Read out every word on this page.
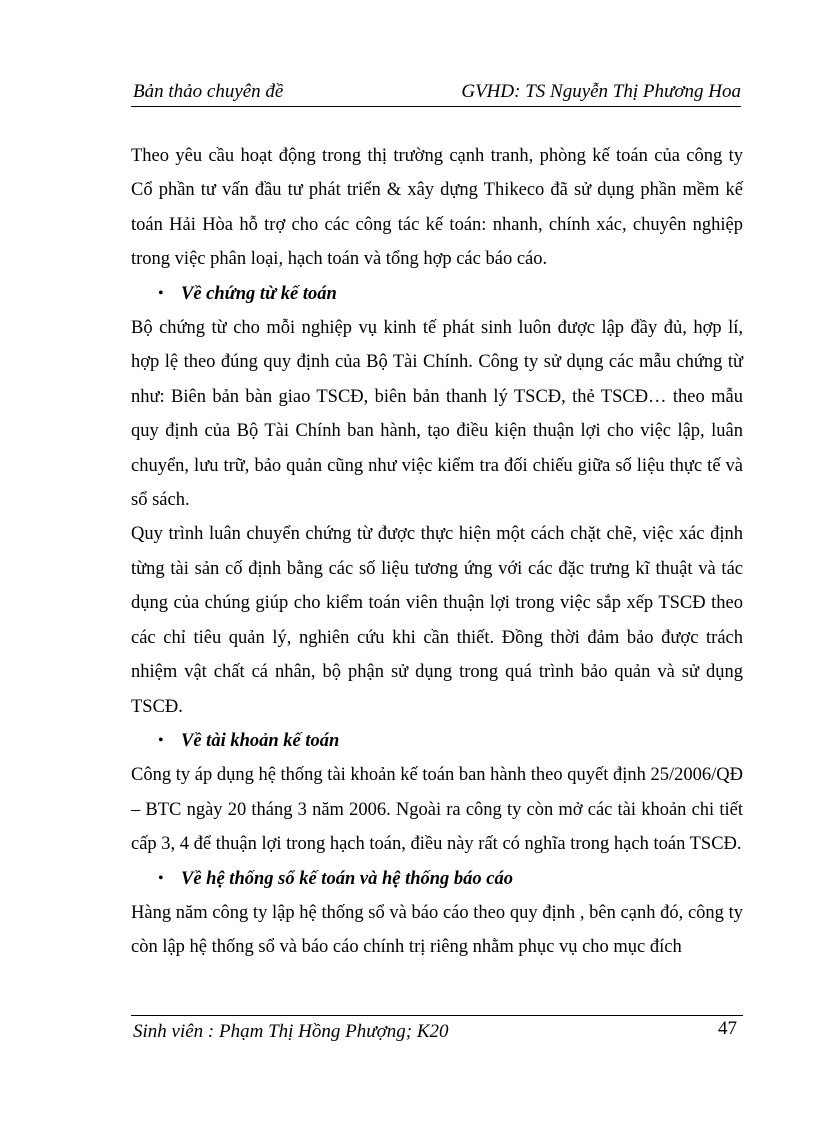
Bản thảo chuyên đề	GVHD: TS Nguyễn Thị Phương Hoa

Theo yêu cầu hoạt động trong thị trường cạnh tranh, phòng kế toán của công ty Cổ phần tư vấn đầu tư phát triển & xây dựng Thikeco đã sử dụng phần mềm kế toán Hải Hòa hỗ trợ cho các công tác kế toán: nhanh, chính xác, chuyên nghiệp trong việc phân loại, hạch toán và tổng hợp các báo cáo.

• Về chứng từ kế toán

Bộ chứng từ cho mỗi nghiệp vụ kinh tế phát sinh luôn được lập đầy đủ, hợp lí, hợp lệ theo đúng quy định của Bộ Tài Chính. Công ty sử dụng các mẫu chứng từ như: Biên bản bàn giao TSCĐ, biên bản thanh lý TSCĐ, thẻ TSCĐ… theo mẫu quy định của Bộ Tài Chính ban hành, tạo điều kiện thuận lợi cho việc lập, luân chuyển, lưu trữ, bảo quản cũng như việc kiểm tra đối chiếu giữa số liệu thực tế và sổ sách.

Quy trình luân chuyển chứng từ được thực hiện một cách chặt chẽ, việc xác định từng tài sản cố định bằng các số liệu tương ứng với các đặc trưng kĩ thuật và tác dụng của chúng giúp cho kiểm toán viên thuận lợi trong việc sắp xếp TSCĐ theo các chỉ tiêu quản lý, nghiên cứu khi cần thiết. Đồng thời đảm bảo được trách nhiệm vật chất cá nhân, bộ phận sử dụng trong quá trình bảo quản và sử dụng TSCĐ.

• Về tài khoản kế toán

Công ty áp dụng hệ thống tài khoản kế toán ban hành theo quyết định 25/2006/QĐ – BTC ngày 20 tháng 3 năm 2006. Ngoài ra công ty còn mở các tài khoản chi tiết cấp 3, 4 để thuận lợi trong hạch toán, điều này rất có nghĩa trong hạch toán TSCĐ.

• Về hệ thống sổ kế toán và hệ thống báo cáo

Hàng năm công ty lập hệ thống sổ và báo cáo theo quy định , bên cạnh đó, công ty còn lập hệ thống sổ và báo cáo chính trị riêng nhằm phục vụ cho mục đích

Sinh viên : Phạm Thị Hồng Phượng; K20	47
